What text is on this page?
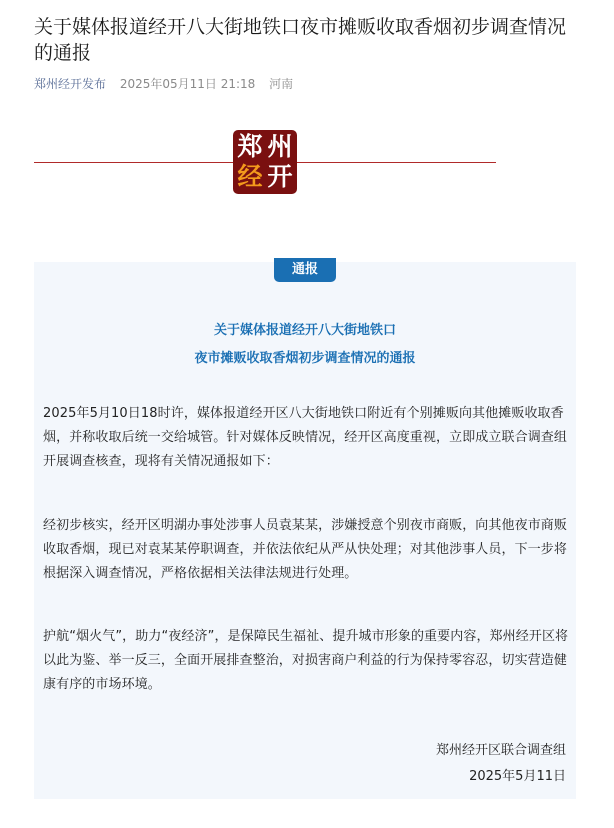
关于媒体报道经开八大街地铁口夜市摊贩收取香烟初步调查情况的通报
郑州经开发布 2025年05月11日 21:18 河南
郑 州
经 开
通报
关于媒体报道经开八大街地铁口
夜市摊贩收取香烟初步调查情况的通报

2025年5月10日18时许，媒体报道经开区八大街地铁口附近有个别摊贩向其他摊贩收取香烟，并称收取后统一交给城管。针对媒体反映情况，经开区高度重视，立即成立联合调查组开展调查核查，现将有关情况通报如下：

经初步核实，经开区明湖办事处涉事人员袁某某，涉嫌授意个别夜市商贩，向其他夜市商贩收取香烟，现已对袁某某停职调查，并依法依纪从严从快处理；对其他涉事人员，下一步将根据深入调查情况，严格依据相关法律法规进行处理。

护航“烟火气”，助力“夜经济”，是保障民生福祉、提升城市形象的重要内容，郑州经开区将以此为鉴、举一反三，全面开展排查整治，对损害商户利益的行为保持零容忍，切实营造健康有序的市场环境。

郑州经开区联合调查组
2025年5月11日
